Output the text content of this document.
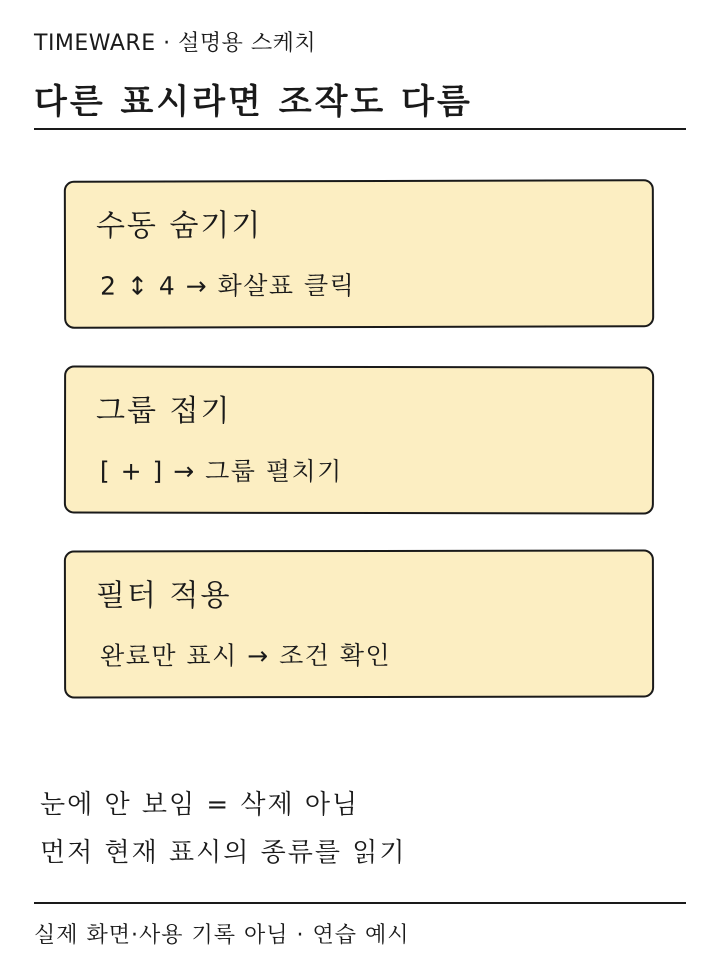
TIMEWARE · 설명용 스케치
다른 표시라면 조작도 다름
수동 숨기기
2 ↕ 4 → 화살표 클릭
그룹 접기
[ + ] → 그룹 펼치기
필터 적용
완료만 표시 → 조건 확인
눈에 안 보임 = 삭제 아님
먼저 현재 표시의 종류를 읽기
실제 화면·사용 기록 아님 · 연습 예시
